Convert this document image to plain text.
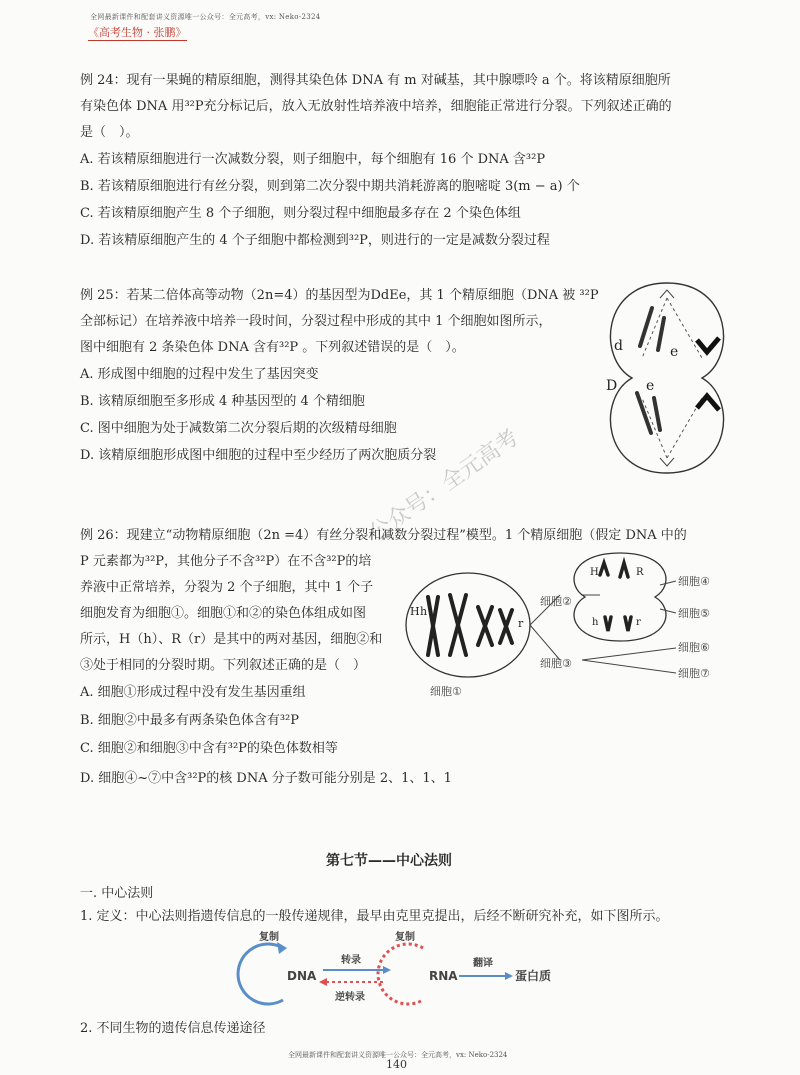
全网最新课件和配套讲义资源唯一公众号：全元高考，vx: Neko-2324
《高考生物 · 张鹏》
例 24：现有一果蝇的精原细胞，测得其染色体 DNA 有 m 对碱基，其中腺嘌呤 a 个。将该精原细胞所
有染色体 DNA 用³²P充分标记后，放入无放射性培养液中培养，细胞能正常进行分裂。下列叙述正确的
是（　）。
A. 若该精原细胞进行一次减数分裂，则子细胞中，每个细胞有 16 个 DNA 含³²P
B. 若该精原细胞进行有丝分裂，则到第二次分裂中期共消耗游离的胞嘧啶 3(m − a) 个
C. 若该精原细胞产生 8 个子细胞，则分裂过程中细胞最多存在 2 个染色体组
D. 若该精原细胞产生的 4 个子细胞中都检测到³²P，则进行的一定是减数分裂过程
例 25：若某二倍体高等动物（2n=4）的基因型为DdEe，其 1 个精原细胞（DNA 被 ³²P
全部标记）在培养液中培养一段时间，分裂过程中形成的其中 1 个细胞如图所示，
图中细胞有 2 条染色体 DNA 含有³²P 。下列叙述错误的是（　）。
A. 形成图中细胞的过程中发生了基因突变
B. 该精原细胞至多形成 4 种基因型的 4 个精细胞
C. 图中细胞为处于减数第二次分裂后期的次级精母细胞
D. 该精原细胞形成图中细胞的过程中至少经历了两次胞质分裂
d	e
D e
公众号：全元高考
例 26：现建立“动物精原细胞（2n =4）有丝分裂和减数分裂过程”模型。1 个精原细胞（假定 DNA 中的
P 元素都为³²P，其他分子不含³²P）在不含³²P的培
养液中正常培养，分裂为 2 个子细胞，其中 1 个子
细胞发育为细胞①。细胞①和②的染色体组成如图
所示，H（h）、R（r）是其中的两对基因，细胞②和
③处于相同的分裂时期。下列叙述正确的是（　）
A. 细胞①形成过程中没有发生基因重组
B. 细胞②中最多有两条染色体含有³²P
C. 细胞②和细胞③中含有³²P的染色体数相等
D. 细胞④~⑦中含³²P的核 DNA 分子数可能分别是 2、1、1、1
H h
r
细胞①
细胞②
细胞③
H	R
h	r
细胞④
细胞⑤
细胞⑥
细胞⑦
第七节——中心法则
一. 中心法则
1. 定义：中心法则指遗传信息的一般传递规律，最早由克里克提出，后经不断研究补充，如下图所示。
复制
DNA
转录
逆转录
复制
RNA
翻译
蛋白质
2. 不同生物的遗传信息传递途径
全网最新课件和配套讲义资源唯一公众号：全元高考，vx: Neko-2324
140
